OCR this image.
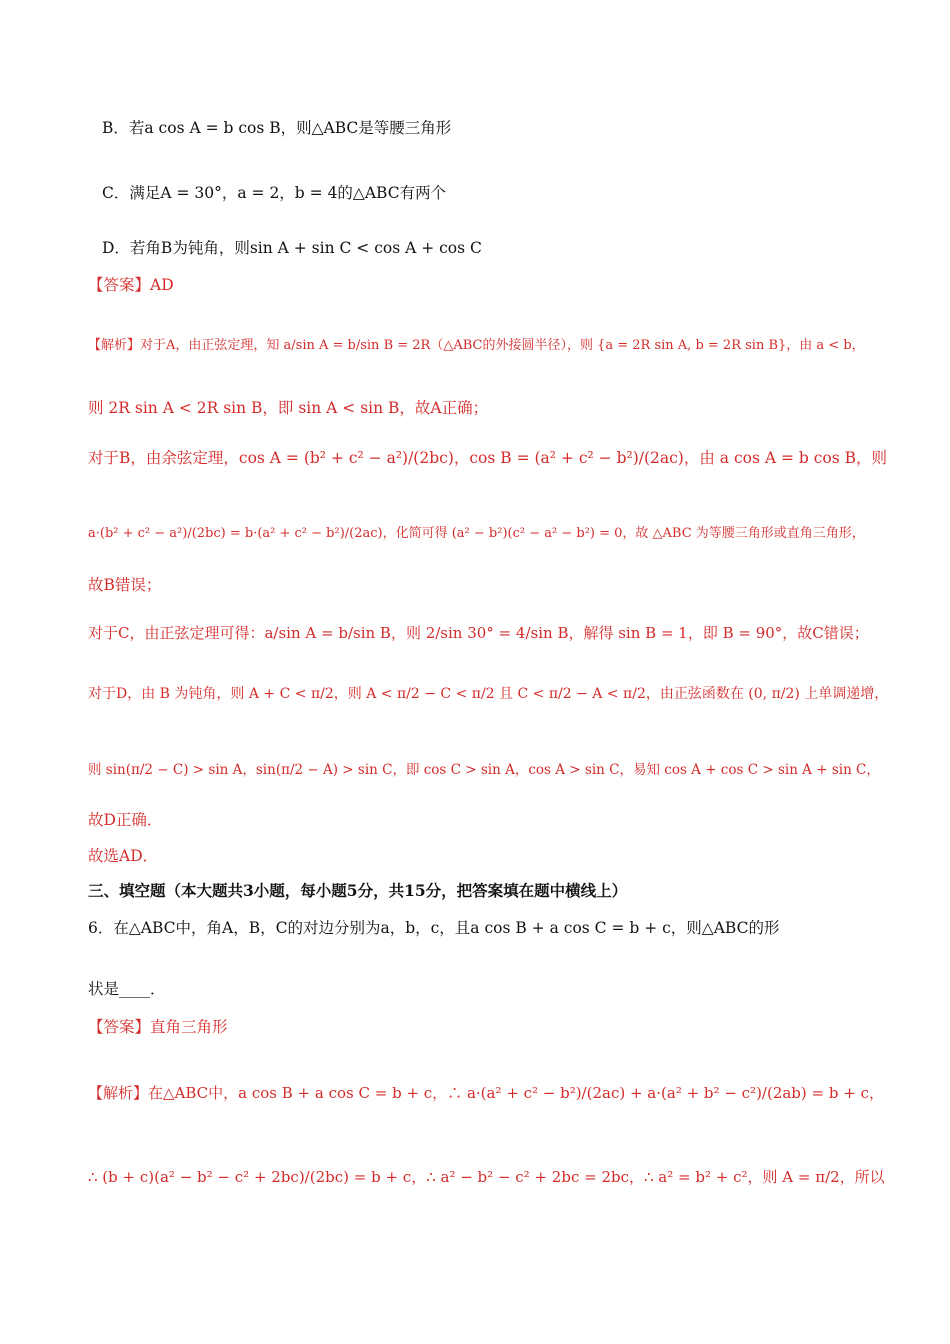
B．若a cos A = b cos B，则△ABC是等腰三角形
C．满足A = 30°，a = 2，b = 4的△ABC有两个
D．若角B为钝角，则sin A + sin C < cos A + cos C
【答案】AD
【解析】对于A，由正弦定理，知 a/sin A = b/sin B = 2R（△ABC的外接圆半径），则 {a = 2R sin A, b = 2R sin B}，由 a < b，
则 2R sin A < 2R sin B，即 sin A < sin B，故A正确；
对于B，由余弦定理，cos A = (b² + c² − a²)/(2bc)，cos B = (a² + c² − b²)/(2ac)，由 a cos A = b cos B，则
a·(b² + c² − a²)/(2bc) = b·(a² + c² − b²)/(2ac)，化简可得 (a² − b²)(c² − a² − b²) = 0，故 △ABC 为等腰三角形或直角三角形，
故B错误；
对于C，由正弦定理可得：a/sin A = b/sin B，则 2/sin 30° = 4/sin B，解得 sin B = 1，即 B = 90°，故C错误；
对于D，由 B 为钝角，则 A + C < π/2，则 A < π/2 − C < π/2 且 C < π/2 − A < π/2，由正弦函数在 (0, π/2) 上单调递增，
则 sin(π/2 − C) > sin A，sin(π/2 − A) > sin C，即 cos C > sin A，cos A > sin C，易知 cos A + cos C > sin A + sin C，
故D正确．
故选AD．
三、填空题（本大题共3小题，每小题5分，共15分，把答案填在题中横线上）
6．在△ABC中，角A，B，C的对边分别为a，b，c，且a cos B + a cos C = b + c，则△ABC的形
状是____．
【答案】直角三角形
【解析】在△ABC中，a cos B + a cos C = b + c，∴ a·(a² + c² − b²)/(2ac) + a·(a² + b² − c²)/(2ab) = b + c，
∴ (b + c)(a² − b² − c² + 2bc)/(2bc) = b + c，∴ a² − b² − c² + 2bc = 2bc，∴ a² = b² + c²，则 A = π/2，所以
